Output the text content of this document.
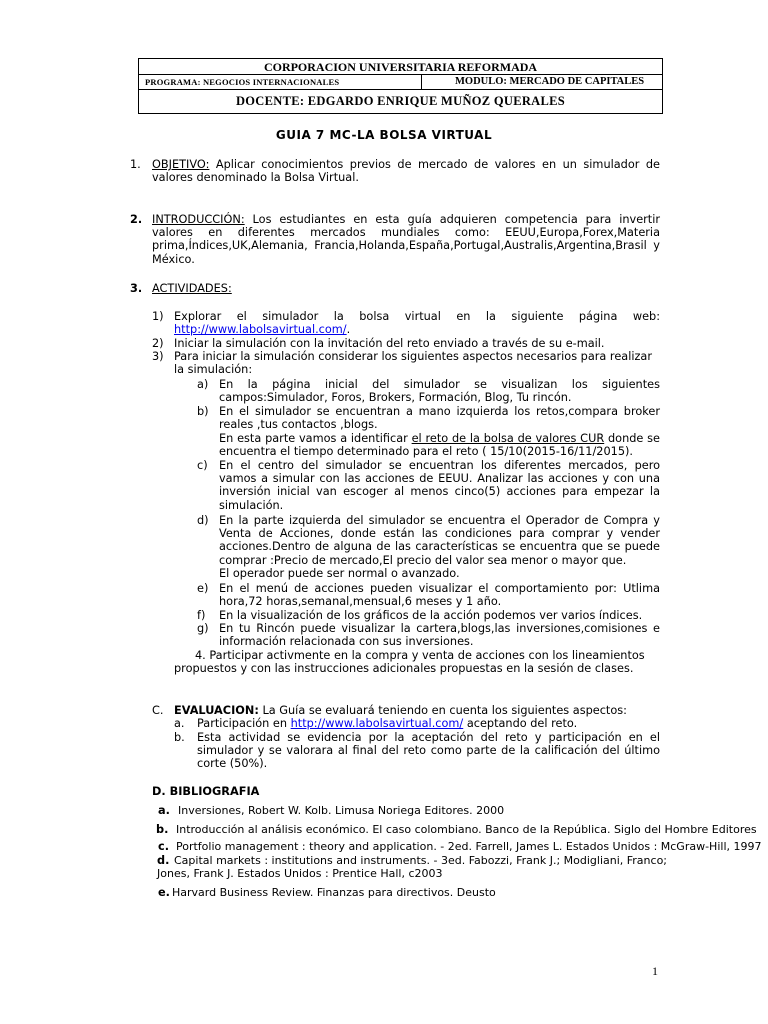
CORPORACION UNIVERSITARIA REFORMADA
PROGRAMA: NEGOCIOS INTERNACIONALES	MODULO: MERCADO DE CAPITALES
DOCENTE: EDGARDO ENRIQUE MUÑOZ QUERALES
GUIA 7 MC-LA BOLSA VIRTUAL
1. OBJETIVO: Aplicar conocimientos previos de mercado de valores en un simulador de valores denominado la Bolsa Virtual.
2. INTRODUCCIÓN: Los estudiantes en esta guía adquieren competencia para invertir valores en diferentes mercados mundiales como: EEUU,Europa,Forex,Materia prima,Índices,UK,Alemania, Francia,Holanda,España,Portugal,Australis,Argentina,Brasil y México.
3. ACTIVIDADES:
1) Explorar el simulador la bolsa virtual en la siguiente página web: http://www.labolsavirtual.com/.
2) Iniciar la simulación con la invitación del reto enviado a través de su e-mail.
3) Para iniciar la simulación considerar los siguientes aspectos necesarios para realizar la simulación:
a) En la página inicial del simulador se visualizan los siguientes campos:Simulador, Foros, Brokers, Formación, Blog, Tu rincón.
b) En el simulador se encuentran a mano izquierda los retos,compara broker reales ,tus contactos ,blogs.
En esta parte vamos a identificar el reto de la bolsa de valores CUR donde se encuentra el tiempo determinado para el reto ( 15/10(2015-16/11/2015).
c) En el centro del simulador se encuentran los diferentes mercados, pero vamos a simular con las acciones de EEUU. Analizar las acciones y con una inversión inicial van escoger al menos cinco(5) acciones para empezar la simulación.
d) En la parte izquierda del simulador se encuentra el Operador de Compra y Venta de Acciones, donde están las condiciones para comprar y vender acciones.Dentro de alguna de las características se encuentra que se puede comprar :Precio de mercado,El precio del valor sea menor o mayor que.
El operador puede ser normal o avanzado.
e) En el menú de acciones pueden visualizar el comportamiento por: Utlima hora,72 horas,semanal,mensual,6 meses y 1 año.
f) En la visualización de los gráficos de la acción podemos ver varios índices.
g) En tu Rincón puede visualizar la cartera,blogs,las inversiones,comisiones e información relacionada con sus inversiones.
4. Participar activmente en la compra y venta de acciones con los lineamientos propuestos y con las instrucciones adicionales propuestas en la sesión de clases.
C. EVALUACION: La Guía se evaluará teniendo en cuenta los siguientes aspectos:
a. Participación en http://www.labolsavirtual.com/ aceptando del reto.
b. Esta actividad se evidencia por la aceptación del reto y participación en el simulador y se valorara al final del reto como parte de la calificación del último corte (50%).
D. BIBLIOGRAFIA
a. Inversiones, Robert W. Kolb. Limusa Noriega Editores. 2000
b. Introducción al análisis económico. El caso colombiano. Banco de la República. Siglo del Hombre Editores
c. Portfolio management : theory and application. - 2ed. Farrell, James L. Estados Unidos : McGraw-Hill, 1997
d. Capital markets : institutions and instruments. - 3ed. Fabozzi, Frank J.; Modigliani, Franco;
Jones, Frank J. Estados Unidos : Prentice Hall, c2003
e. Harvard Business Review. Finanzas para directivos. Deusto
1
